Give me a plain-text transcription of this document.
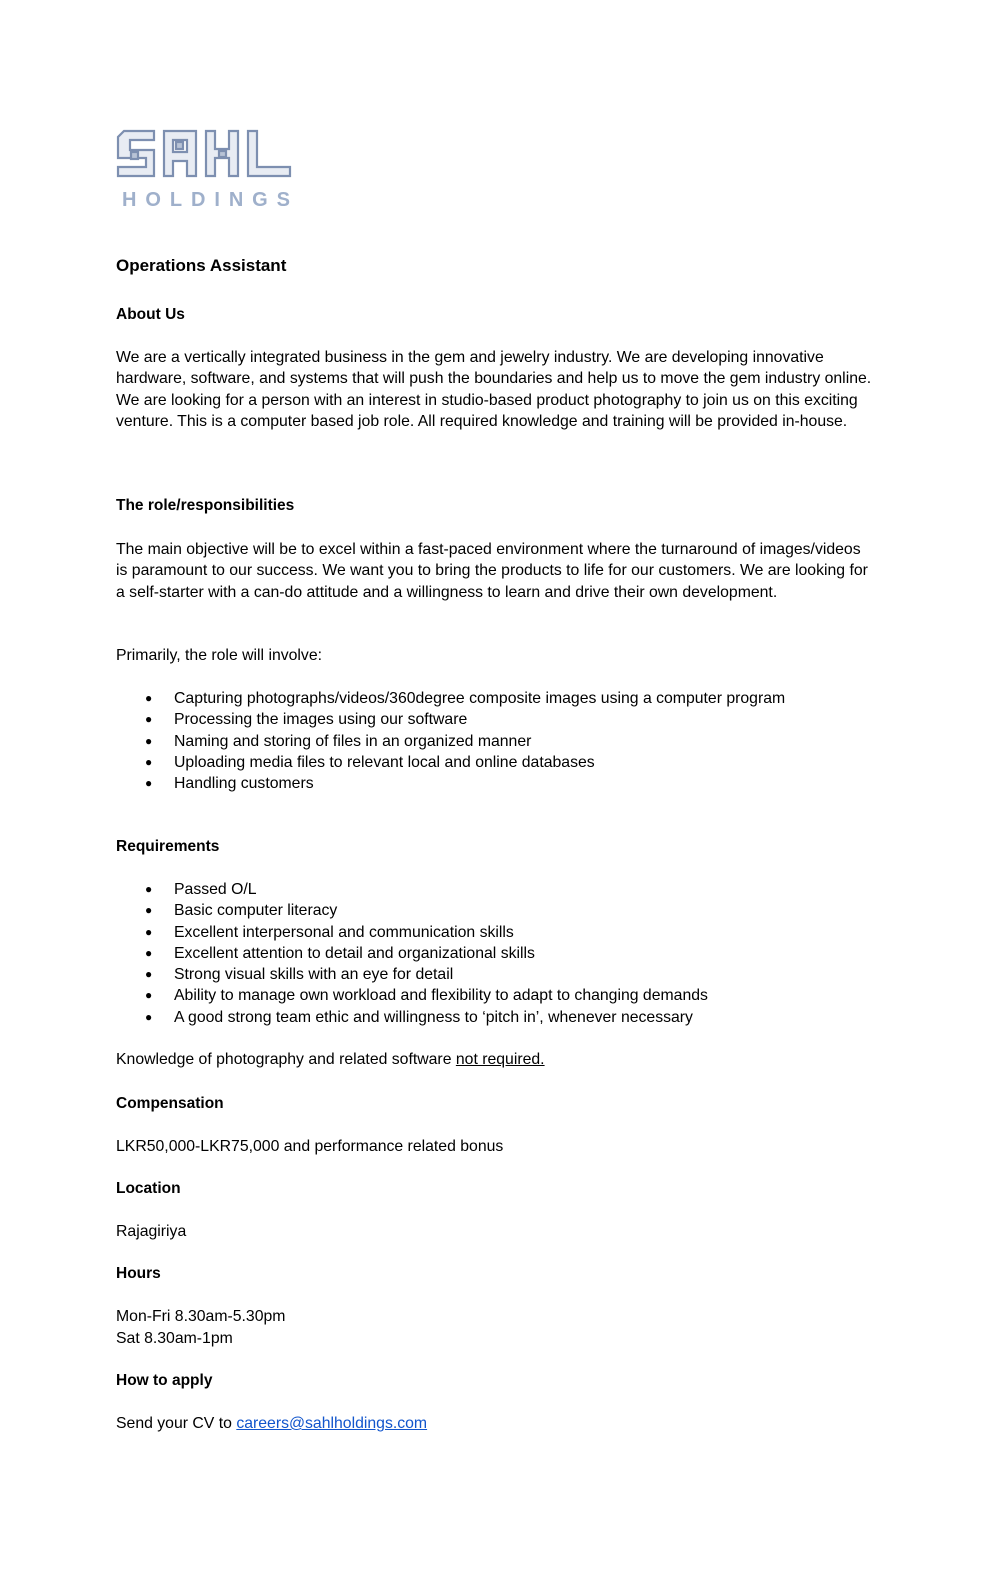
HOLDINGS
Operations Assistant
About Us
We are a vertically integrated business in the gem and jewelry industry. We are developing innovative hardware, software, and systems that will push the boundaries and help us to move the gem industry online. We are looking for a person with an interest in studio-based product photography to join us on this exciting venture. This is a computer based job role. All required knowledge and training will be provided in-house.
The role/responsibilities
The main objective will be to excel within a fast-paced environment where the turnaround of images/videos is paramount to our success. We want you to bring the products to life for our customers. We are looking for a self-starter with a can-do attitude and a willingness to learn and drive their own development.
Primarily, the role will involve:
● Capturing photographs/videos/360degree composite images using a computer program
● Processing the images using our software
● Naming and storing of files in an organized manner
● Uploading media files to relevant local and online databases
● Handling customers
Requirements
● Passed O/L
● Basic computer literacy
● Excellent interpersonal and communication skills
● Excellent attention to detail and organizational skills
● Strong visual skills with an eye for detail
● Ability to manage own workload and flexibility to adapt to changing demands
● A good strong team ethic and willingness to ‘pitch in’, whenever necessary
Knowledge of photography and related software not required.
Compensation
LKR50,000-LKR75,000 and performance related bonus
Location
Rajagiriya
Hours
Mon-Fri 8.30am-5.30pm
Sat 8.30am-1pm
How to apply
Send your CV to careers@sahlholdings.com
